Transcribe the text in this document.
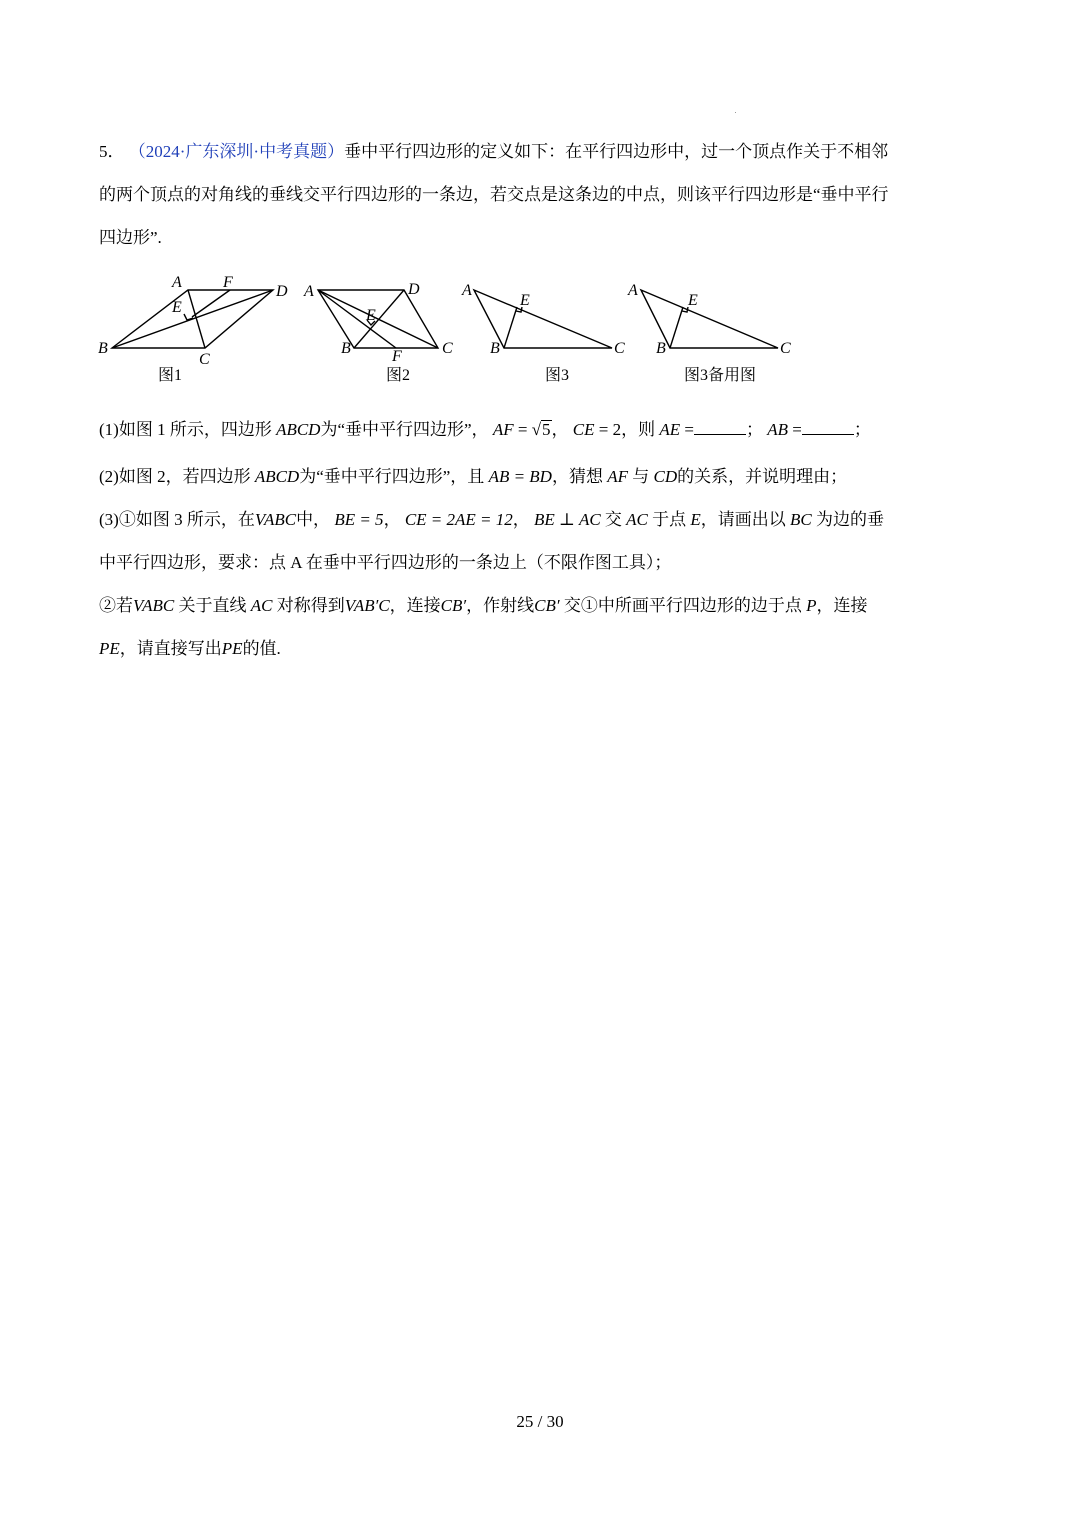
5． （2024·广东深圳·中考真题）垂中平行四边形的定义如下：在平行四边形中，过一个顶点作关于不相邻
的两个顶点的对角线的垂线交平行四边形的一条边，若交点是这条边的中点，则该平行四边形是“垂中平行
四边形”.
A	F
D
E
B
C
图1
A	D
E
B	F	C
图2
A
E
B	C
图3
A
E
B	C
图3备用图
(1)如图 1 所示，四边形 ABCD为“垂中平行四边形”， AF = √5， CE = 2，则 AE =	； AB =	；
(2)如图 2，若四边形 ABCD为“垂中平行四边形”，且 AB = BD，猜想 AF 与 CD的关系，并说明理由；
(3)①如图 3 所示，在VABC中， BE = 5， CE = 2AE = 12， BE ⊥ AC 交 AC 于点 E，请画出以 BC 为边的垂
中平行四边形，要求：点 A 在垂中平行四边形的一条边上（不限作图工具）；
②若VABC 关于直线 AC 对称得到VAB′C，连接CB′，作射线CB′ 交①中所画平行四边形的边于点 P，连接
PE，请直接写出PE的值.
25 / 30
